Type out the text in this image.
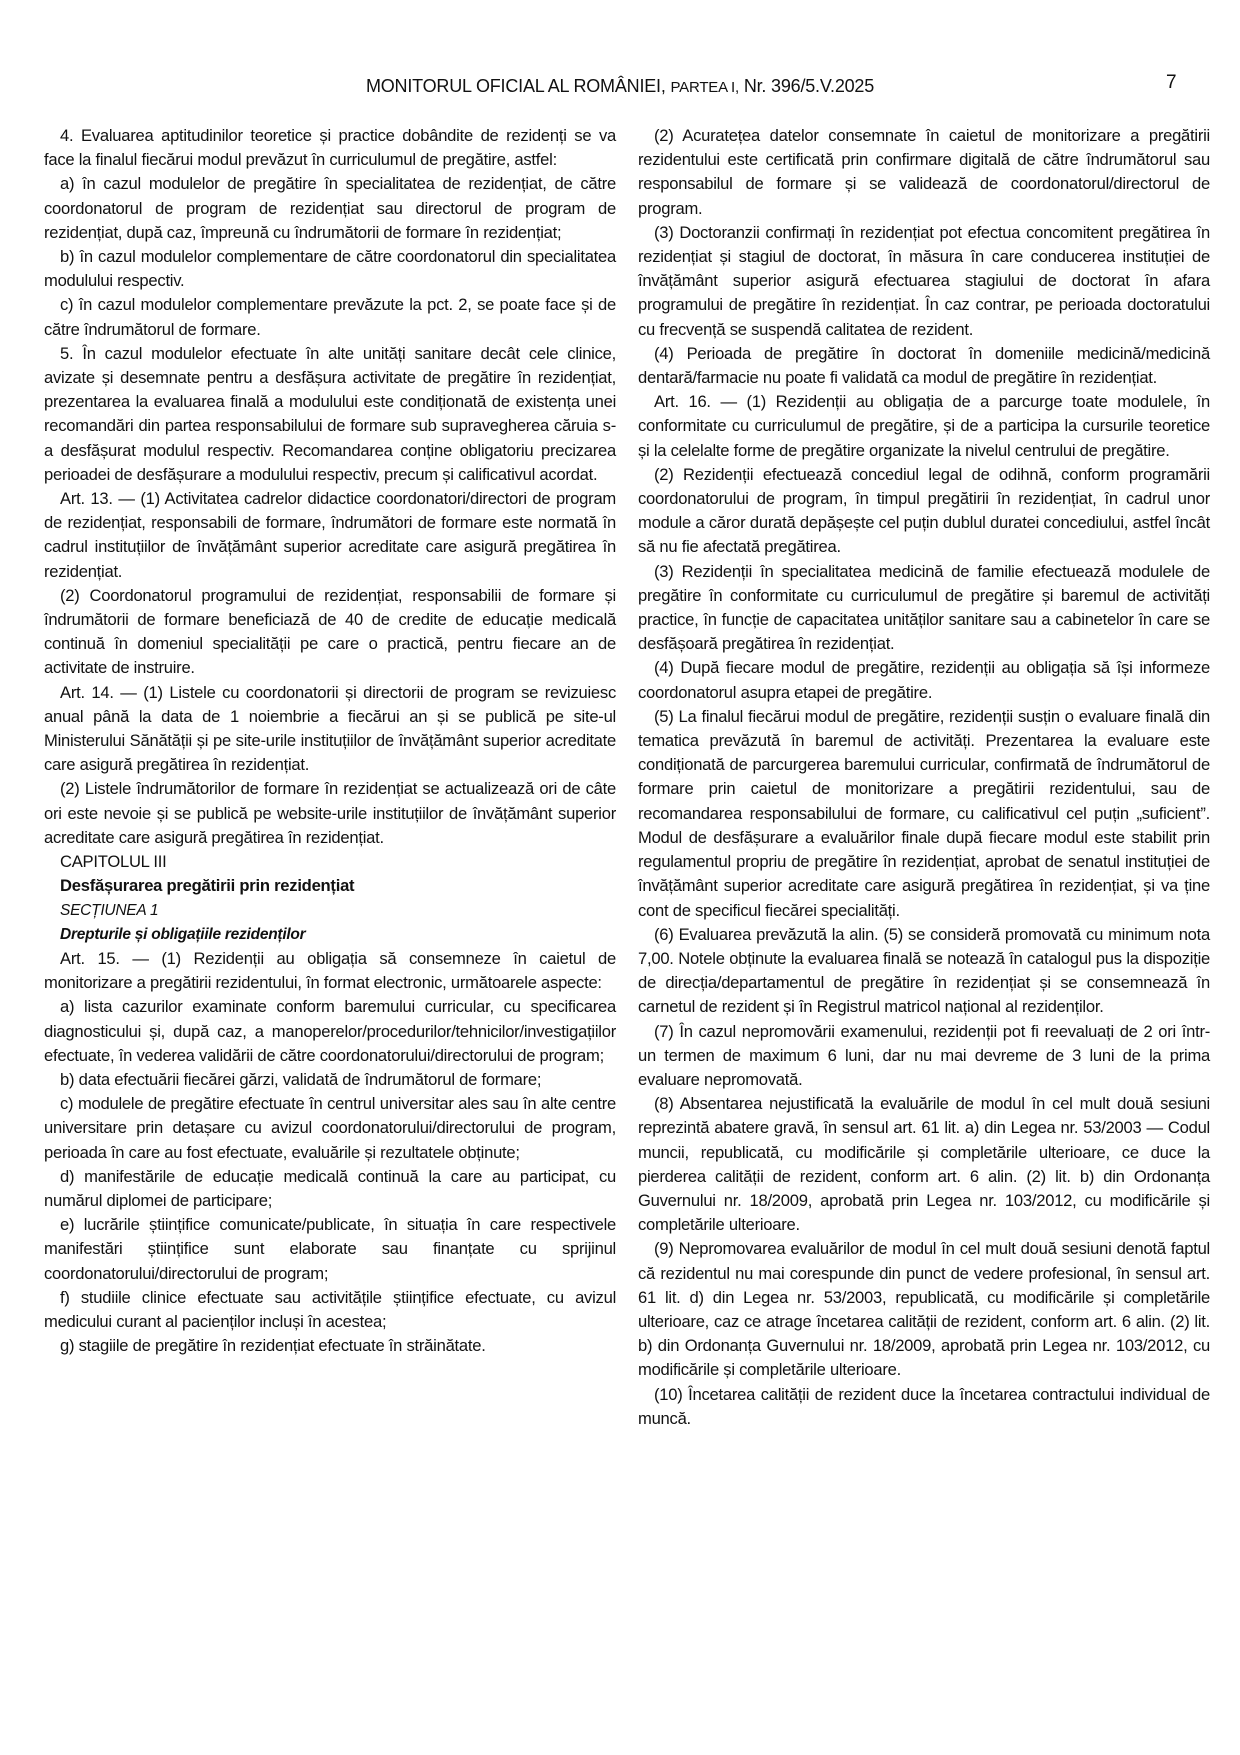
MONITORUL OFICIAL AL ROMÂNIEI, PARTEA I, Nr. 396/5.V.2025	7

4. Evaluarea aptitudinilor teoretice și practice dobândite de rezidenți se va face la finalul fiecărui modul prevăzut în curriculumul de pregătire, astfel:

a) în cazul modulelor de pregătire în specialitatea de rezidențiat, de către coordonatorul de program de rezidențiat sau directorul de program de rezidențiat, după caz, împreună cu îndrumătorii de formare în rezidențiat;

b) în cazul modulelor complementare de către coordonatorul din specialitatea modulului respectiv.

c) în cazul modulelor complementare prevăzute la pct. 2, se poate face și de către îndrumătorul de formare.

5. În cazul modulelor efectuate în alte unități sanitare decât cele clinice, avizate și desemnate pentru a desfășura activitate de pregătire în rezidențiat, prezentarea la evaluarea finală a modulului este condiționată de existența unei recomandări din partea responsabilului de formare sub supravegherea căruia s-a desfășurat modulul respectiv. Recomandarea conține obligatoriu precizarea perioadei de desfășurare a modulului respectiv, precum și calificativul acordat.

Art. 13. — (1) Activitatea cadrelor didactice coordonatori/directori de program de rezidențiat, responsabili de formare, îndrumători de formare este normată în cadrul instituțiilor de învățământ superior acreditate care asigură pregătirea în rezidențiat.

(2) Coordonatorul programului de rezidențiat, responsabilii de formare și îndrumătorii de formare beneficiază de 40 de credite de educație medicală continuă în domeniul specialității pe care o practică, pentru fiecare an de activitate de instruire.

Art. 14. — (1) Listele cu coordonatorii și directorii de program se revizuiesc anual până la data de 1 noiembrie a fiecărui an și se publică pe site-ul Ministerului Sănătății și pe site-urile instituțiilor de învățământ superior acreditate care asigură pregătirea în rezidențiat.

(2) Listele îndrumătorilor de formare în rezidențiat se actualizează ori de câte ori este nevoie și se publică pe website-urile instituțiilor de învățământ superior acreditate care asigură pregătirea în rezidențiat.

CAPITOLUL III

Desfășurarea pregătirii prin rezidențiat

SECȚIUNEA 1

Drepturile și obligațiile rezidenților

Art. 15. — (1) Rezidenții au obligația să consemneze în caietul de monitorizare a pregătirii rezidentului, în format electronic, următoarele aspecte:

a) lista cazurilor examinate conform baremului curricular, cu specificarea diagnosticului și, după caz, a manoperelor/procedurilor/tehnicilor/investigațiilor efectuate, în vederea validării de către coordonatorului/directorului de program;

b) data efectuării fiecărei gărzi, validată de îndrumătorul de formare;

c) modulele de pregătire efectuate în centrul universitar ales sau în alte centre universitare prin detașare cu avizul coordonatorului/directorului de program, perioada în care au fost efectuate, evaluările și rezultatele obținute;

d) manifestările de educație medicală continuă la care au participat, cu numărul diplomei de participare;

e) lucrările științifice comunicate/publicate, în situația în care respectivele manifestări științifice sunt elaborate sau finanțate cu sprijinul coordonatorului/directorului de program;

f) studiile clinice efectuate sau activitățile științifice efectuate, cu avizul medicului curant al pacienților incluși în acestea;

g) stagiile de pregătire în rezidențiat efectuate în străinătate.

(2) Acuratețea datelor consemnate în caietul de monitorizare a pregătirii rezidentului este certificată prin confirmare digitală de către îndrumătorul sau responsabilul de formare și se validează de coordonatorul/directorul de program.

(3) Doctoranzii confirmați în rezidențiat pot efectua concomitent pregătirea în rezidențiat și stagiul de doctorat, în măsura în care conducerea instituției de învățământ superior asigură efectuarea stagiului de doctorat în afara programului de pregătire în rezidențiat. În caz contrar, pe perioada doctoratului cu frecvență se suspendă calitatea de rezident.

(4) Perioada de pregătire în doctorat în domeniile medicină/medicină dentară/farmacie nu poate fi validată ca modul de pregătire în rezidențiat.

Art. 16. — (1) Rezidenții au obligația de a parcurge toate modulele, în conformitate cu curriculumul de pregătire, și de a participa la cursurile teoretice și la celelalte forme de pregătire organizate la nivelul centrului de pregătire.

(2) Rezidenții efectuează concediul legal de odihnă, conform programării coordonatorului de program, în timpul pregătirii în rezidențiat, în cadrul unor module a căror durată depășește cel puțin dublul duratei concediului, astfel încât să nu fie afectată pregătirea.

(3) Rezidenții în specialitatea medicină de familie efectuează modulele de pregătire în conformitate cu curriculumul de pregătire și baremul de activități practice, în funcție de capacitatea unităților sanitare sau a cabinetelor în care se desfășoară pregătirea în rezidențiat.

(4) După fiecare modul de pregătire, rezidenții au obligația să își informeze coordonatorul asupra etapei de pregătire.

(5) La finalul fiecărui modul de pregătire, rezidenții susțin o evaluare finală din tematica prevăzută în baremul de activități. Prezentarea la evaluare este condiționată de parcurgerea baremului curricular, confirmată de îndrumătorul de formare prin caietul de monitorizare a pregătirii rezidentului, sau de recomandarea responsabilului de formare, cu calificativul cel puțin „suficient”. Modul de desfășurare a evaluărilor finale după fiecare modul este stabilit prin regulamentul propriu de pregătire în rezidențiat, aprobat de senatul instituției de învățământ superior acreditate care asigură pregătirea în rezidențiat, și va ține cont de specificul fiecărei specialități.

(6) Evaluarea prevăzută la alin. (5) se consideră promovată cu minimum nota 7,00. Notele obținute la evaluarea finală se notează în catalogul pus la dispoziție de direcția/departamentul de pregătire în rezidențiat și se consemnează în carnetul de rezident și în Registrul matricol național al rezidenților.

(7) În cazul nepromovării examenului, rezidenții pot fi reevaluați de 2 ori într-un termen de maximum 6 luni, dar nu mai devreme de 3 luni de la prima evaluare nepromovată.

(8) Absentarea nejustificată la evaluările de modul în cel mult două sesiuni reprezintă abatere gravă, în sensul art. 61 lit. a) din Legea nr. 53/2003 — Codul muncii, republicată, cu modificările și completările ulterioare, ce duce la pierderea calității de rezident, conform art. 6 alin. (2) lit. b) din Ordonanța Guvernului nr. 18/2009, aprobată prin Legea nr. 103/2012, cu modificările și completările ulterioare.

(9) Nepromovarea evaluărilor de modul în cel mult două sesiuni denotă faptul că rezidentul nu mai corespunde din punct de vedere profesional, în sensul art. 61 lit. d) din Legea nr. 53/2003, republicată, cu modificările și completările ulterioare, caz ce atrage încetarea calității de rezident, conform art. 6 alin. (2) lit. b) din Ordonanța Guvernului nr. 18/2009, aprobată prin Legea nr. 103/2012, cu modificările și completările ulterioare.

(10) Încetarea calității de rezident duce la încetarea contractului individual de muncă.
